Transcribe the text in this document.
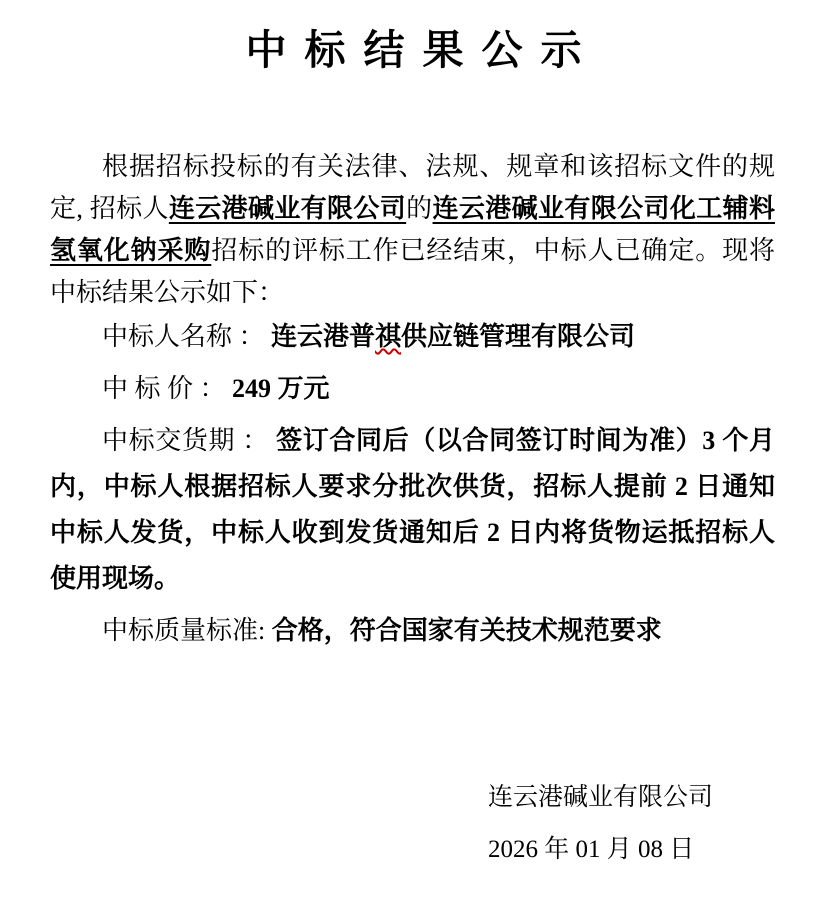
中标结果公示

根据招标投标的有关法律、法规、规章和该招标文件的规定, 招标人连云港碱业有限公司的连云港碱业有限公司化工辅料氢氧化钠采购招标的评标工作已经结束，中标人已确定。现将中标结果公示如下：

中标人名称 ： 连云港普祺供应链管理有限公司

中 标 价 ： 249 万元

中标交货期 ： 签订合同后（以合同签订时间为准）3 个月内，中标人根据招标人要求分批次供货，招标人提前 2 日通知中标人发货，中标人收到发货通知后 2 日内将货物运抵招标人使用现场。

中标质量标准: 合格，符合国家有关技术规范要求

连云港碱业有限公司
2026 年 01 月 08 日
